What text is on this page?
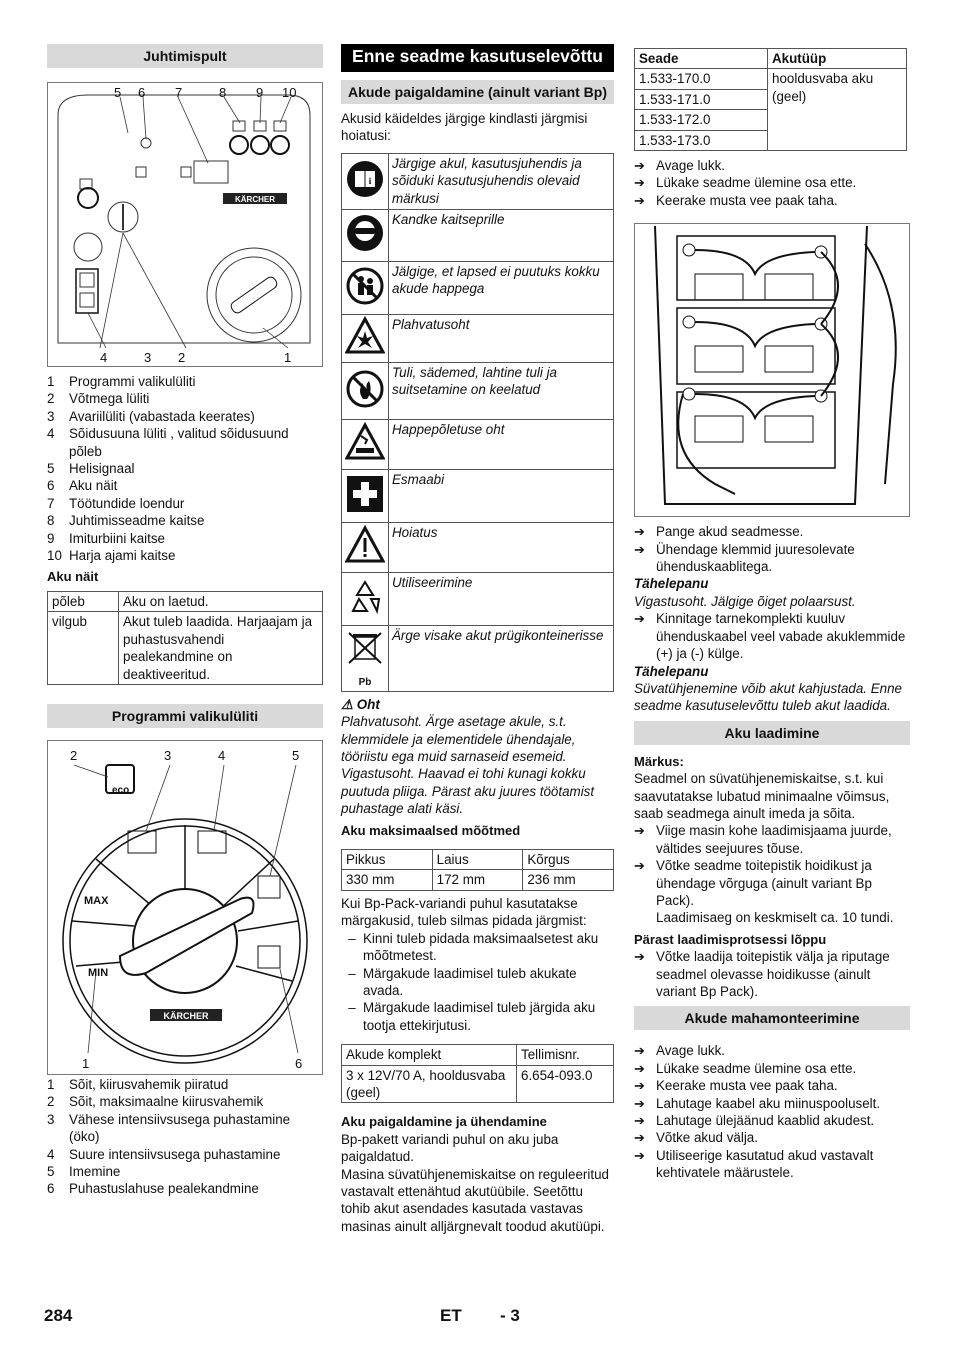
Juhtimispult
KÄRCHER
5 6 7	8 9 10
4	3 2	1
1	Programmi valikulüliti
2	Võtmega lüliti
3	Avariilüliti (vabastada keerates)
4	Sõidusuuna lüliti , valitud sõidusuund põleb
5	Helisignaal
6	Aku näit
7	Töötundide loendur
8	Juhtimisseadme kaitse
9	Imiturbiini kaitse
10 Harja ajami kaitse
Aku näit
põleb	Aku on laetud.
vilgub	Akut tuleb laadida. Harjaajam ja puhastusvahendi pealekandmine on deaktiveeritud.
Programmi valikulüliti
KÄRCHER
eco
MAX
MIN
2	3	4	5
1	6
1	Sõit, kiirusvahemik piiratud
2	Sõit, maksimaalne kiirusvahemik
3	Vähese intensiivsusega puhastamine (öko)
4	Suure intensiivsusega puhastamine
5	Imemine
6	Puhastuslahuse pealekandmine
Enne seadme kasutuselevõttu
Akude paigaldamine (ainult variant Bp)

Akusid käideldes järgige kindlasti järgmisi hoiatusi:

i	Järgige akul, kasutusjuhendis ja sõiduki kasutusjuhendis olevaid märkusi
	Kandke kaitseprille
	Jälgige, et lapsed ei puutuks kokku akude happega
	Plahvatusoht
	Tuli, sädemed, lahtine tuli ja suitsetamine on keelatud
	Happepõletuse oht
	Esmaabi
	Hoiatus
	Utiliseerimine

Pb	Ärge visake akut prügikonteinerisse

⚠ Oht

Plahvatusoht. Ärge asetage akule, s.t. klemmidele ja elementidele ühendajale, tööriistu ega muid sarnaseid esemeid.

Vigastusoht. Haavad ei tohi kunagi kokku puutuda pliiga. Pärast aku juures töötamist puhastage alati käsi.

Aku maksimaalsed mõõtmed
Pikkus	Laius	Kõrgus
330 mm	172 mm	236 mm

Kui Bp-Pack-variandi puhul kasutatakse märgakusid, tuleb silmas pidada järgmist:

– Kinni tuleb pidada maksimaalsetest aku mõõtmetest.
– Märgakude laadimisel tuleb akukate avada.
– Märgakude laadimisel tuleb järgida aku tootja ettekirjutusi.
Akude komplekt	Tellimisnr.
3 x 12V/70 A, hooldusvaba (geel)	6.654-093.0
Aku paigaldamine ja ühendamine

Bp-pakett variandi puhul on aku juba paigaldatud.

Masina süvatühjenemiskaitse on reguleeritud vastavalt ettenähtud akutüübile. Seetõttu tohib akut asendades kasutada vastavas masinas ainult alljärgnevalt toodud akutüüpi.

Seade	Akutüüp
1.533-170.0	hooldusvaba aku (geel)
1.533-171.0	
1.533-172.0	
1.533-173.0	
➔ Avage lukk.
➔ Lükake seadme ülemine osa ette.
➔ Keerake musta vee paak taha.
➔ Pange akud seadmesse.
➔ Ühendage klemmid juuresolevate ühenduskaablitega.

Tähelepanu

Vigastusoht. Jälgige õiget polaarsust.

➔ Kinnitage tarnekomplekti kuuluv ühenduskaabel veel vabade akuklemmide (+) ja (-) külge.

Tähelepanu

Süvatühjenemine võib akut kahjustada. Enne seadme kasutuselevõttu tuleb akut laadida.

Aku laadimine
Märkus:

Seadmel on süvatühjenemiskaitse, s.t. kui saavutatakse lubatud minimaalne võimsus, saab seadmega ainult imeda ja sõita.

➔ Viige masin kohe laadimisjaama juurde, vältides seejuures tõuse.
➔ Võtke seadme toitepistik hoidikust ja ühendage võrguga (ainult variant Bp Pack).
Laadimisaeg on keskmiselt ca. 10 tundi.
Pärast laadimisprotsessi lõppu
➔ Võtke laadija toitepistik välja ja riputage seadmel olevasse hoidikusse (ainult variant Bp Pack).
Akude mahamonteerimine
➔ Avage lukk.
➔ Lükake seadme ülemine osa ette.
➔ Keerake musta vee paak taha.
➔ Lahutage kaabel aku miinuspooluselt.
➔ Lahutage ülejäänud kaablid akudest.
➔ Võtke akud välja.
➔ Utiliseerige kasutatud akud vastavalt kehtivatele määrustele.
284	ET - 3
